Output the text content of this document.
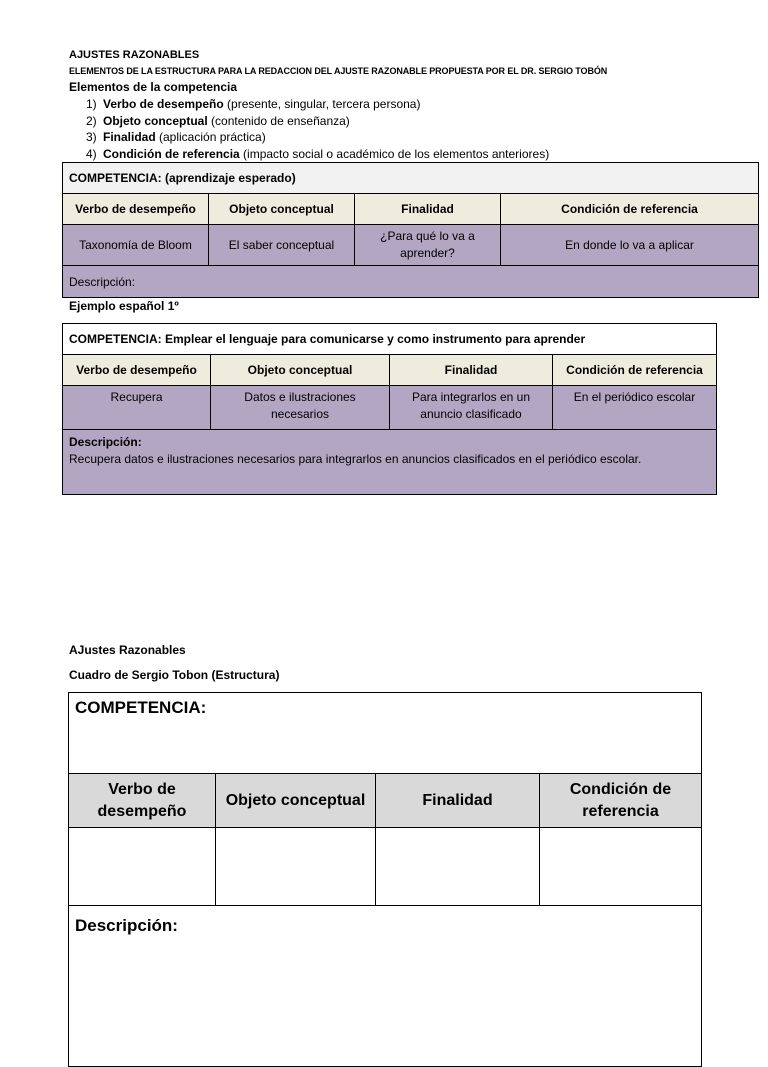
AJUSTES RAZONABLES
ELEMENTOS DE LA ESTRUCTURA PARA LA REDACCION DEL AJUSTE RAZONABLE PROPUESTA POR EL DR. SERGIO TOBÓN
Elementos de la competencia
1) Verbo de desempeño (presente, singular, tercera persona)
2) Objeto conceptual (contenido de enseñanza)
3) Finalidad (aplicación práctica)
4) Condición de referencia (impacto social o académico de los elementos anteriores)
COMPETENCIA: (aprendizaje esperado)			
Verbo de desempeño	Objeto conceptual	Finalidad	Condición de referencia
Taxonomía de Bloom	El saber conceptual	¿Para qué lo va a aprender?	En donde lo va a aplicar
Descripción:			
Ejemplo español 1º
COMPETENCIA: Emplear el lenguaje para comunicarse y como instrumento para aprender			
Verbo de desempeño	Objeto conceptual	Finalidad	Condición de referencia
Recupera	Datos e ilustraciones necesarios	Para integrarlos en un anuncio clasificado	En el periódico escolar

Descripción:
Recupera datos e ilustraciones necesarios para integrarlos en anuncios clasificados en el periódico escolar.			
AJustes Razonables
Cuadro de Sergio Tobon (Estructura)
COMPETENCIA:			
Verbo de desempeño	Objeto conceptual	Finalidad	Condición de referencia

Descripción:			
